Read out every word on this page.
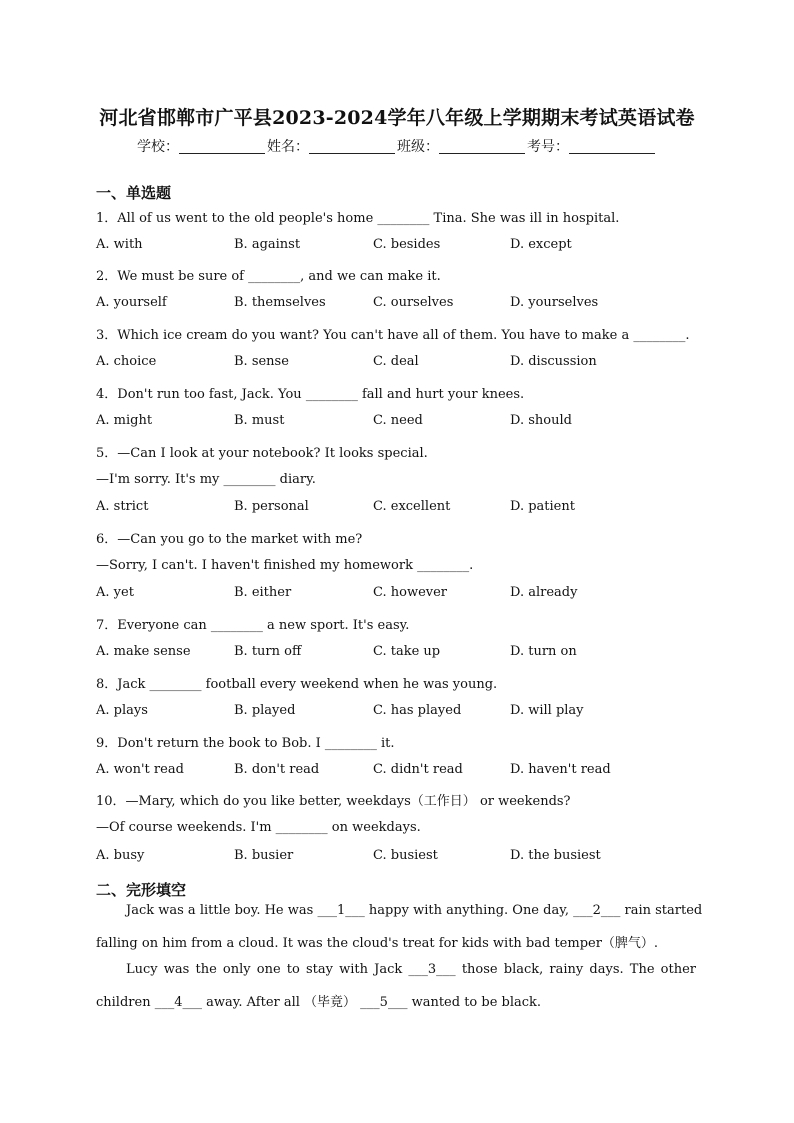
河北省邯郸市广平县2023-2024学年八年级上学期期末考试英语试卷
学校：	姓名：	班级：	考号：
一、单选题
1．All of us went to the old people's home ________ Tina. She was ill in hospital.
A. with	B. against	C. besides	D. except
2．We must be sure of ________, and we can make it.
A. yourself	B. themselves	C. ourselves	D. yourselves
3．Which ice cream do you want? You can't have all of them. You have to make a ________.
A. choice	B. sense	C. deal	D. discussion
4．Don't run too fast, Jack. You ________ fall and hurt your knees.
A. might	B. must	C. need	D. should
5．—Can I look at your notebook? It looks special.
—I'm sorry. It's my ________ diary.
A. strict	B. personal	C. excellent	D. patient
6．—Can you go to the market with me?
—Sorry, I can't. I haven't finished my homework ________.
A. yet	B. either	C. however	D. already
7．Everyone can ________ a new sport. It's easy.
A. make sense	B. turn off	C. take up	D. turn on
8．Jack ________ football every weekend when he was young.
A. plays	B. played	C. has played	D. will play
9．Don't return the book to Bob. I ________ it.
A. won't read	B. don't read	C. didn't read	D. haven't read
10．—Mary, which do you like better, weekdays（工作日） or weekends?
—Of course weekends. I'm ________ on weekdays.
A. busy	B. busier	C. busiest	D. the busiest
二、完形填空
Jack was a little boy. He was ___1___ happy with anything. One day, ___2___ rain started
falling on him from a cloud. It was the cloud's treat for kids with bad temper（脾气）.
Lucy was the only one to stay with Jack ___3___ those black, rainy days. The other
children ___4___ away. After all （毕竟） ___5___ wanted to be black.
